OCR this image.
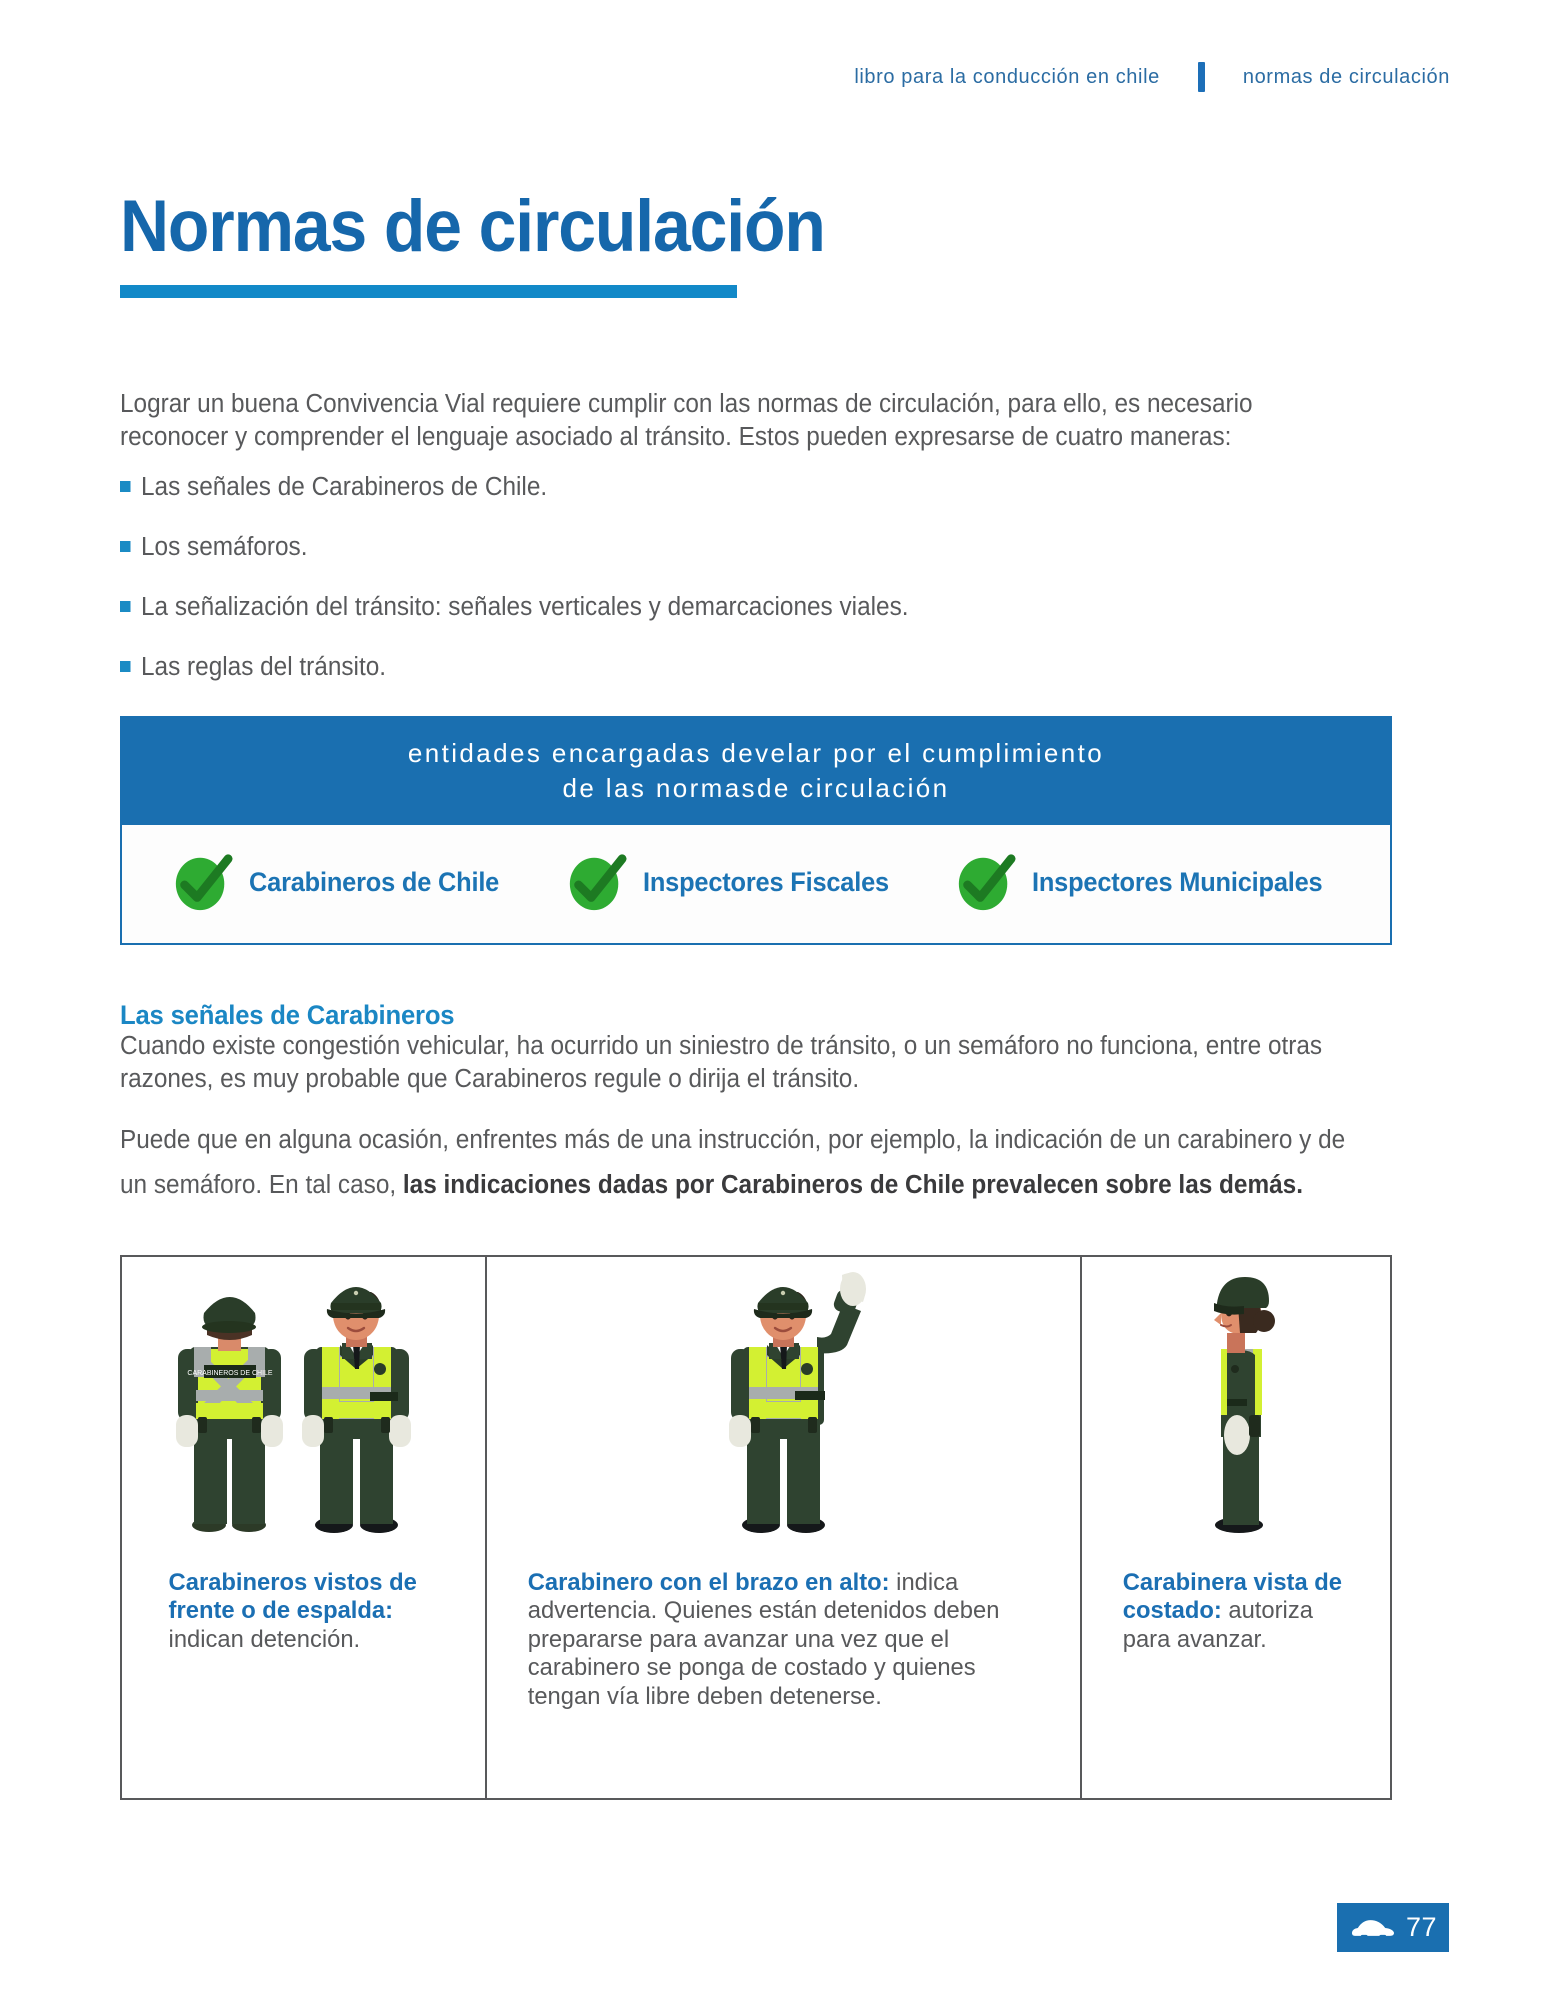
libro para la conducción en chile	normas de circulación
Normas de circulación
Lograr un buena Convivencia Vial requiere cumplir con las normas de circulación, para ello, es necesario reconocer y comprender el lenguaje asociado al tránsito. Estos pueden expresarse de cuatro maneras:
Las señales de Carabineros de Chile.
Los semáforos.
La señalización del tránsito: señales verticales y demarcaciones viales.
Las reglas del tránsito.
entidades encargadas develar por el cumplimiento
de las normasde circulación
Carabineros de Chile	Inspectores Fiscales	Inspectores Municipales
Las señales de Carabineros
Cuando existe congestión vehicular, ha ocurrido un siniestro de tránsito, o un semáforo no funciona, entre otras razones, es muy probable que Carabineros regule o dirija el tránsito.
Puede que en alguna ocasión, enfrentes más de una instrucción, por ejemplo, la indicación de un carabinero y de un semáforo. En tal caso, las indicaciones dadas por Carabineros de Chile prevalecen sobre las demás.
CARABINEROS DE CHILE
Carabineros vistos de frente o de espalda: indican detención.
Carabinero con el brazo en alto: indica advertencia. Quienes están detenidos deben prepararse para avanzar una vez que el carabinero se ponga de costado y quienes tengan vía libre deben detenerse.
Carabinera vista de costado: autoriza para avanzar.
77
